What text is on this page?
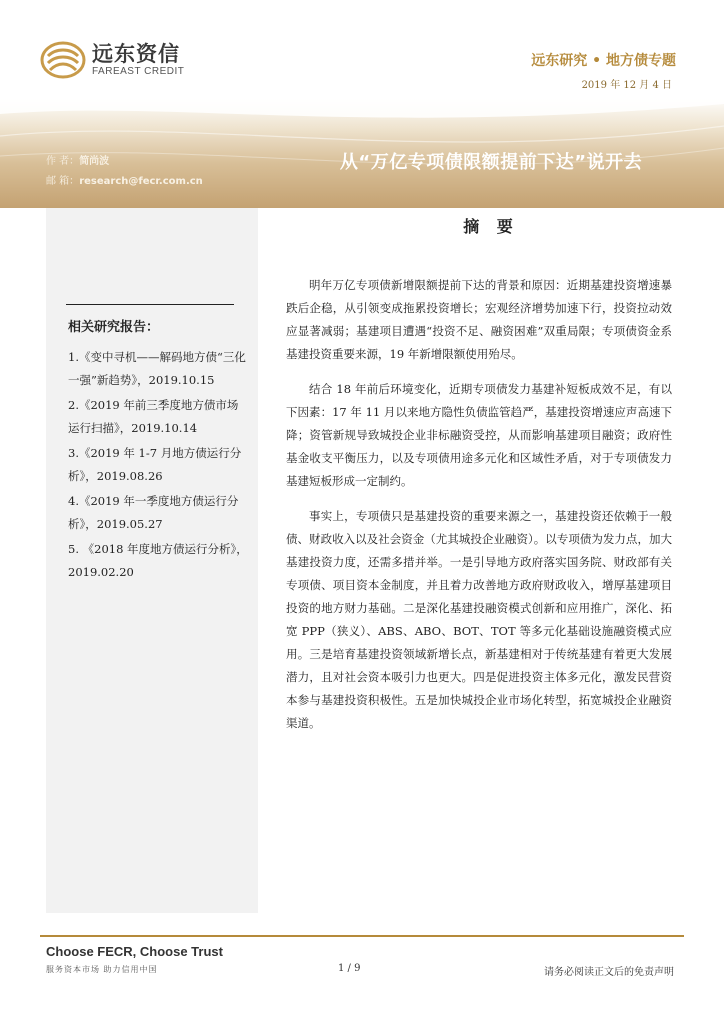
远东资信
FAREAST CREDIT
远东研究 • 地方债专题
2019 年 12 月 4 日
作 者：简尚波
邮 箱：research@fecr.com.cn
从“万亿专项债限额提前下达”说开去
相关研究报告：
1.《变中寻机——解码地方债“三化一强”新趋势》，2019.10.15
2.《2019 年前三季度地方债市场运行扫描》，2019.10.14
3.《2019 年 1-7 月地方债运行分析》，2019.08.26
4.《2019 年一季度地方债运行分析》，2019.05.27
5. 《2018 年度地方债运行分析》，2019.02.20
摘 要

明年万亿专项债新增限额提前下达的背景和原因：近期基建投资增速暴跌后企稳，从引领变成拖累投资增长；宏观经济增势加速下行，投资拉动效应显著减弱；基建项目遭遇“投资不足、融资困难”双重局限；专项债资金系基建投资重要来源，19 年新增限额使用殆尽。

结合 18 年前后环境变化，近期专项债发力基建补短板成效不足，有以下因素：17 年 11 月以来地方隐性负债监管趋严，基建投资增速应声高速下降；资管新规导致城投企业非标融资受控，从而影响基建项目融资；政府性基金收支平衡压力，以及专项债用途多元化和区域性矛盾，对于专项债发力基建短板形成一定制约。

事实上，专项债只是基建投资的重要来源之一，基建投资还依赖于一般债、财政收入以及社会资金（尤其城投企业融资）。以专项债为发力点，加大基建投资力度，还需多措并举。一是引导地方政府落实国务院、财政部有关专项债、项目资本金制度，并且着力改善地方政府财政收入，增厚基建项目投资的地方财力基础。二是深化基建投融资模式创新和应用推广，深化、拓宽 PPP（狭义）、ABS、ABO、BOT、TOT 等多元化基础设施融资模式应用。三是培育基建投资领域新增长点，新基建相对于传统基建有着更大发展潜力，且对社会资本吸引力也更大。四是促进投资主体多元化，激发民营资本参与基建投资积极性。五是加快城投企业市场化转型，拓宽城投企业融资渠道。

Choose FECR, Choose Trust
服务资本市场 助力信用中国	1 / 9	请务必阅读正文后的免责声明
